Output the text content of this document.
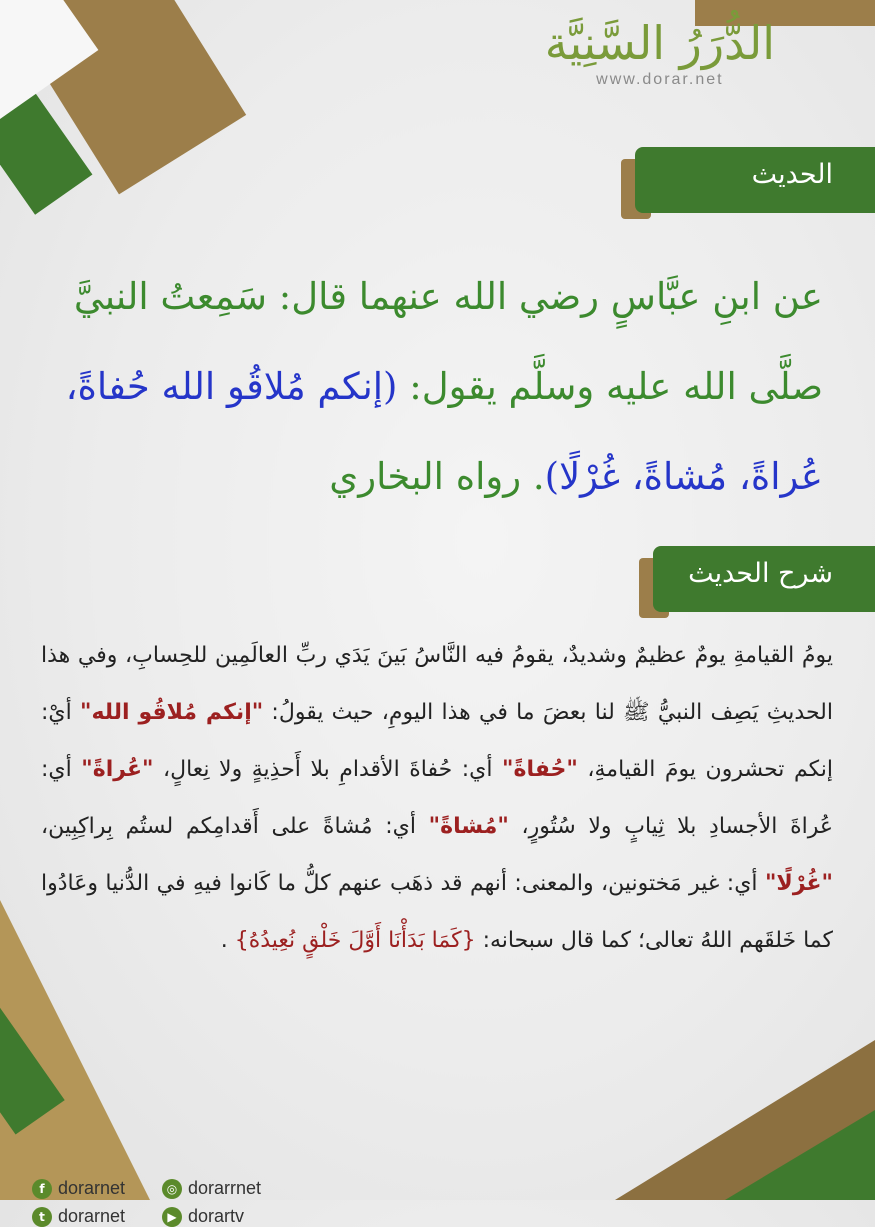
الدُّرَرُ السَّنِيَّة
www.dorar.net
الحديث
عن ابنِ عبَّاسٍ رضي الله عنهما قال: سَمِعتُ النبيَّ صلَّى الله عليه وسلَّم يقول: (إنكم مُلاقُو الله حُفاةً، عُراةً، مُشاةً، غُرْلًا). رواه البخاري
شرح الحديث
يومُ القيامةِ يومٌ عظيمٌ وشديدٌ، يقومُ فيه النَّاسُ بَينَ يَدَي ربِّ العالَمِين للحِسابِ، وفي هذا الحديثِ يَصِف النبيُّ ﷺ لنا بعضَ ما في هذا اليومِ، حيث يقولُ: "إنكم مُلاقُو الله" أيْ: إنكم تحشرون يومَ القيامةِ، "حُفاةً" أي: حُفاةَ الأقدامِ بلا أَحذِيةٍ ولا نِعالٍ، "عُراةً" أي: عُراةَ الأجسادِ بلا ثِيابٍ ولا سُتُورٍ، "مُشاةً" أي: مُشاةً على أَقدامِكم لستُم بِراكِبِين، "غُرْلًا" أي: غير مَختونين، والمعنى: أنهم قد ذهَب عنهم كلُّ ما كَانوا فيهِ في الدُّنيا وعَادُوا كما خَلقَهم اللهُ تعالى؛ كما قال سبحانه: {كَمَا بَدَأْنَا أَوَّلَ خَلْقٍ نُعِيدُهُ} .
f dorarnet	◎ dorarrnet
t dorarnet	▶ dorartv
